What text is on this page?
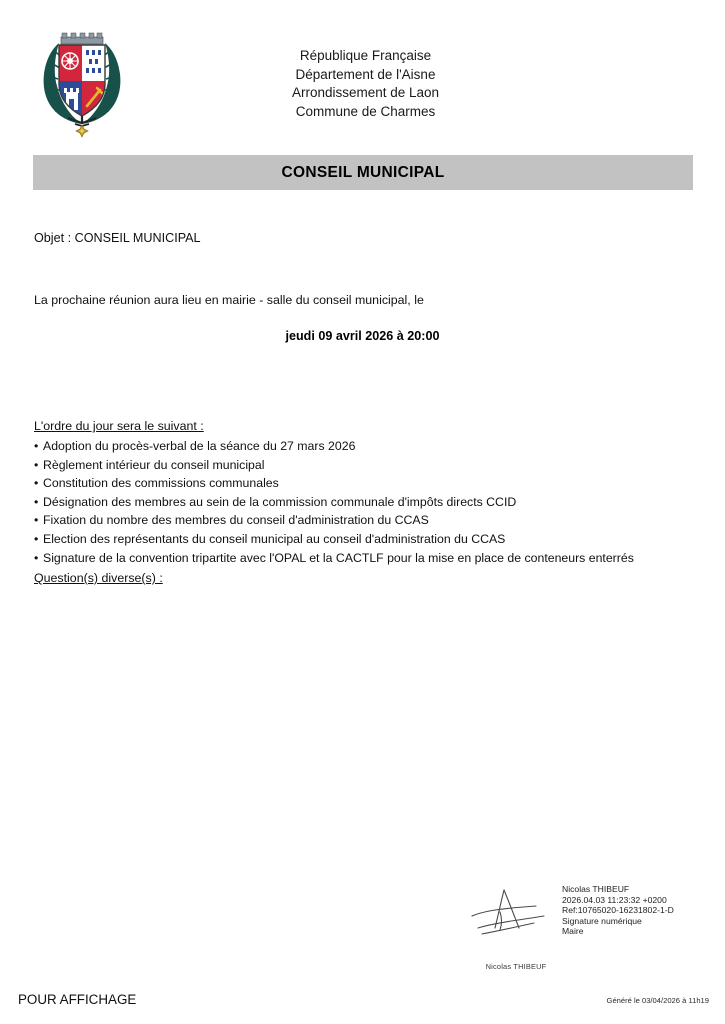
République Française
Département de l'Aisne
Arrondissement de Laon
Commune de Charmes
CONSEIL MUNICIPAL
Objet : CONSEIL MUNICIPAL
La prochaine réunion aura lieu en mairie - salle du conseil municipal, le
jeudi 09 avril 2026 à 20:00
L'ordre du jour sera le suivant :
• Adoption du procès-verbal de la séance du 27 mars 2026
• Règlement intérieur du conseil municipal
• Constitution des commissions communales
• Désignation des membres au sein de la commission communale d'impôts directs CCID
• Fixation du nombre des membres du conseil d'administration du CCAS
• Election des représentants du conseil municipal au conseil d'administration du CCAS
• Signature de la convention tripartite avec l'OPAL et la CACTLF pour la mise en place de conteneurs enterrés
Question(s) diverse(s) :
Nicolas THIBEUF
Nicolas THIBEUF
2026.04.03 11:23:32 +0200
Ref:10765020-16231802-1-D
Signature numérique
Maire
POUR AFFICHAGE	Généré le 03/04/2026 à 11h19
